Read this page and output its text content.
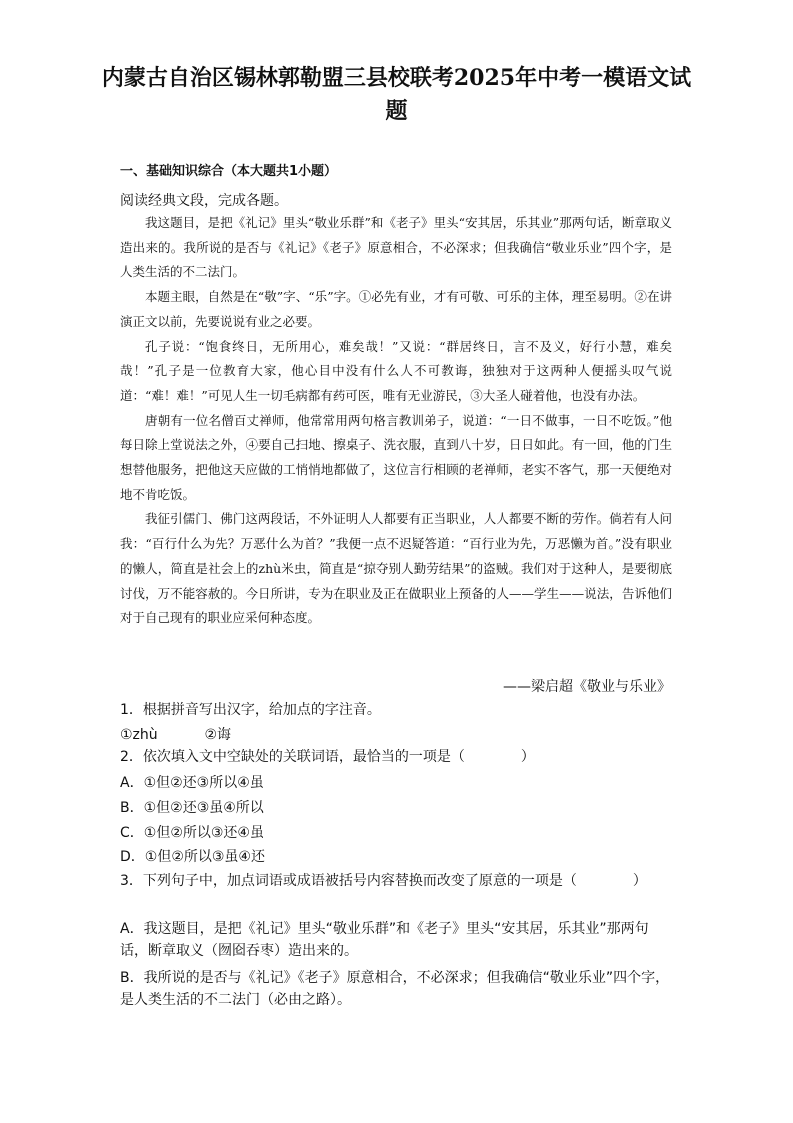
内蒙古自治区锡林郭勒盟三县校联考2025年中考一模语文试题
一、基础知识综合（本大题共1小题）
阅读经典文段，完成各题。

我这题目，是把《礼记》里头“敬业乐群”和《老子》里头“安其居，乐其业”那两句话，断章取义造出来的。我所说的是否与《礼记》《老子》原意相合，不必深求；但我确信“敬业乐业”四个字，是人类生活的不二法门。

本题主眼，自然是在“敬”字、“乐”字。①必先有业，才有可敬、可乐的主体，理至易明。②在讲演正文以前，先要说说有业之必要。

孔子说：“饱食终日，无所用心，难矣哉！”又说：“群居终日，言不及义，好行小慧，难矣哉！”孔子是一位教育大家，他心目中没有什么人不可教诲，独独对于这两种人便摇头叹气说道：“难！难！”可见人生一切毛病都有药可医，唯有无业游民，③大圣人碰着他，也没有办法。

唐朝有一位名僧百丈禅师，他常常用两句格言教训弟子，说道：“一日不做事，一日不吃饭。”他每日除上堂说法之外，④要自己扫地、擦桌子、洗衣服，直到八十岁，日日如此。有一回，他的门生想替他服务，把他这天应做的工悄悄地都做了，这位言行相顾的老禅师，老实不客气，那一天便绝对地不肯吃饭。

我征引儒门、佛门这两段话，不外证明人人都要有正当职业，人人都要不断的劳作。倘若有人问我：“百行什么为先？万恶什么为首？”我便一点不迟疑答道：“百行业为先，万恶懒为首。”没有职业的懒人，简直是社会上的zhù米虫，简直是“掠夺别人勤劳结果”的盗贼。我们对于这种人，是要彻底讨伐，万不能容赦的。今日所讲，专为在职业及正在做职业上预备的人——学生——说法，告诉他们对于自己现有的职业应采何种态度。

——梁启超《敬业与乐业》
1．根据拼音写出汉字，给加点的字注音。
①zhù	②诲
2．依次填入文中空缺处的关联词语，最恰当的一项是（　　　　）
A．①但②还③所以④虽
B．①但②还③虽④所以
C．①但②所以③还④虽
D．①但②所以③虽④还
3．下列句子中，加点词语或成语被括号内容替换而改变了原意的一项是（　　　　）
A．我这题目，是把《礼记》里头“敬业乐群”和《老子》里头“安其居，乐其业”那两句话，断章取义（囫囵吞枣）造出来的。
B．我所说的是否与《礼记》《老子》原意相合，不必深求；但我确信“敬业乐业”四个字，是人类生活的不二法门（必由之路）。
